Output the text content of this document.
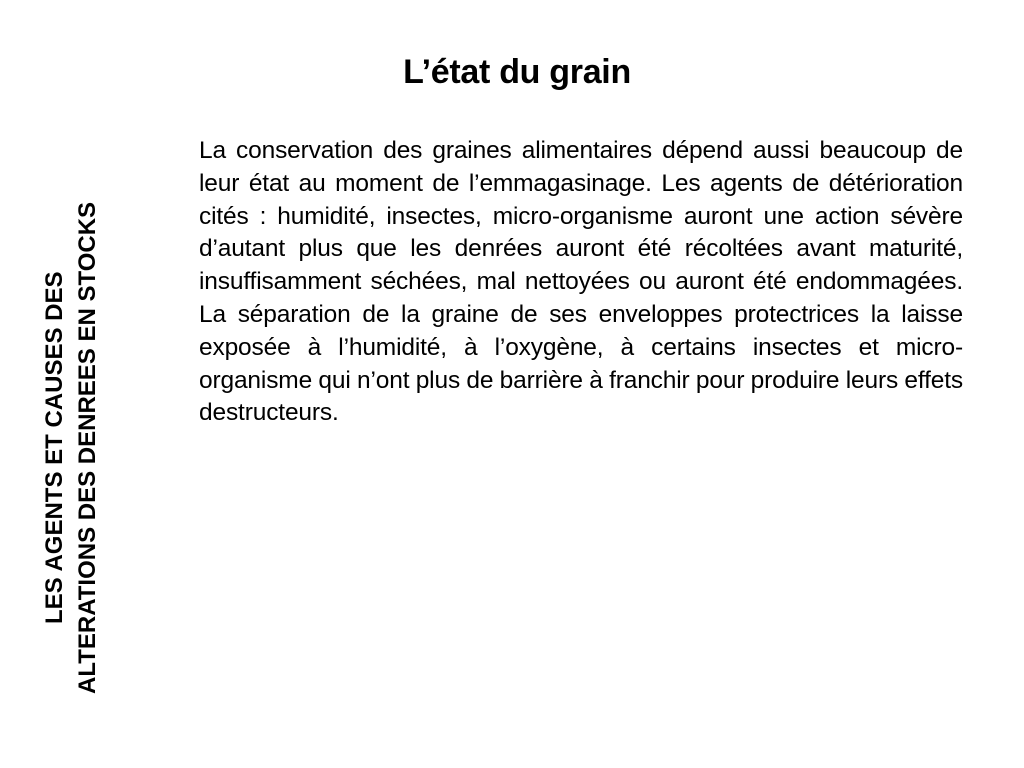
L’état du grain
LES AGENTS ET CAUSES DES ALTERATIONS DES DENREES EN STOCKS

La conservation des graines alimentaires dépend aussi beaucoup de leur état au moment de l’emmagasinage. Les agents de détérioration cités : humidité, insectes, micro-organisme auront une action sévère d’autant plus que les denrées auront été récoltées avant maturité, insuffisamment séchées, mal nettoyées ou auront été endommagées. La séparation de la graine de ses enveloppes protectrices la laisse exposée à l’humidité, à l’oxygène, à certains insectes et micro-organisme qui n’ont plus de barrière à franchir pour produire leurs effets destructeurs.
